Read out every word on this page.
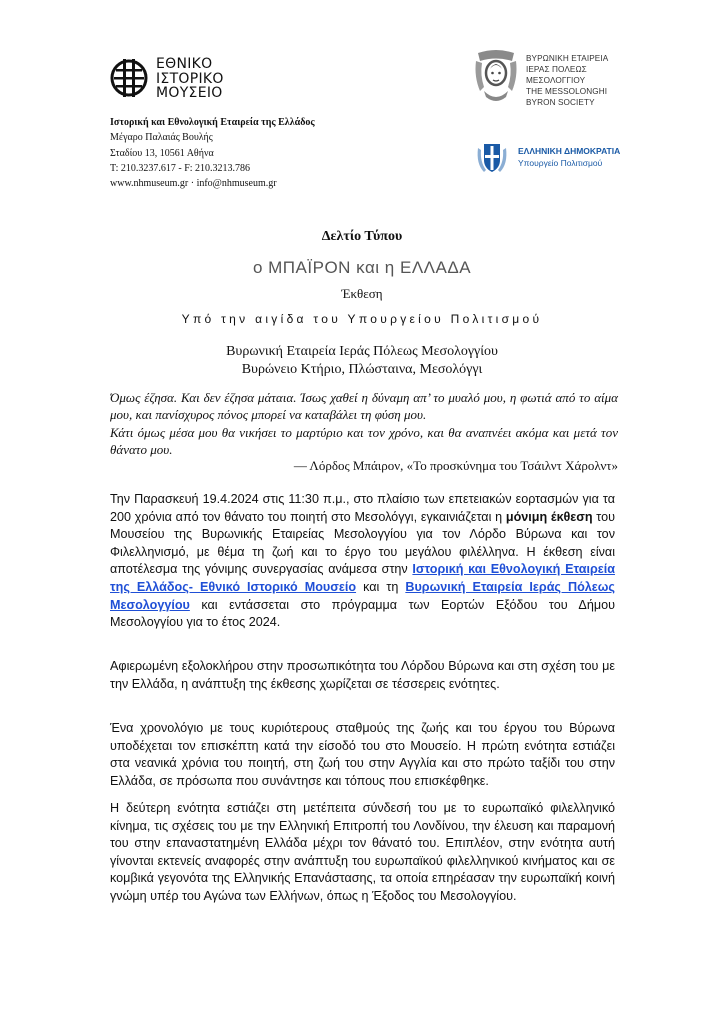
ΕΘΝΙΚΟ
ΙΣΤΟΡΙΚΟ
ΜΟΥΣΕΙΟ
ΒΥΡΩΝΙΚΗ ΕΤΑΙΡΕΙΑ
ΙΕΡΑΣ ΠΟΛΕΩΣ
ΜΕΣΟΛΟΓΓΙΟΥ
THE MESSOLONGHI
BYRON SOCIETY
ΕΛΛΗΝΙΚΗ ΔΗΜΟΚΡΑΤΙΑ
Υπουργείο Πολιτισμού
Ιστορική και Εθνολογική Εταιρεία της Ελλάδος
Μέγαρο Παλαιάς Βουλής
Σταδίου 13, 10561 Αθήνα
T: 210.3237.617 - F: 210.3213.786
www.nhmuseum.gr · info@nhmuseum.gr
Δελτίο Τύπου
ο ΜΠΑΪΡΟΝ και η ΕΛΛΑΔΑ
Έκθεση
Υπό την αιγίδα του Υπουργείου Πολιτισμού
Βυρωνική Εταιρεία Ιεράς Πόλεως Μεσολογγίου
Βυρώνειο Κτήριο, Πλώσταινα, Μεσολόγγι

Όμως έζησα. Και δεν έζησα μάταια. Ίσως χαθεί η δύναμη απ’ το μυαλό μου, η φωτιά από το αίμα μου, και πανίσχυρος πόνος μπορεί να καταβάλει τη φύση μου.

Κάτι όμως μέσα μου θα νικήσει το μαρτύριο και τον χρόνο, και θα αναπνέει ακόμα και μετά τον θάνατο μου.

— Λόρδος Μπάιρον, «Το προσκύνημα του Τσάιλντ Χάρολντ»

Την Παρασκευή 19.4.2024 στις 11:30 π.μ., στο πλαίσιο των επετειακών εορτασμών για τα 200 χρόνια από τον θάνατο του ποιητή στο Μεσολόγγι, εγκαινιάζεται η μόνιμη έκθεση του Μουσείου της Βυρωνικής Εταιρείας Μεσολογγίου για τον Λόρδο Βύρωνα και τον Φιλελληνισμό, με θέμα τη ζωή και το έργο του μεγάλου φιλέλληνα. Η έκθεση είναι αποτέλεσμα της γόνιμης συνεργασίας ανάμεσα στην Ιστορική και Εθνολογική Εταιρεία της Ελλάδος- Εθνικό Ιστορικό Μουσείο και τη Βυρωνική Εταιρεία Ιεράς Πόλεως Μεσολογγίου και εντάσσεται στο πρόγραμμα των Εορτών Εξόδου του Δήμου Μεσολογγίου για το έτος 2024.

Αφιερωμένη εξολοκλήρου στην προσωπικότητα του Λόρδου Βύρωνα και στη σχέση του με την Ελλάδα, η ανάπτυξη της έκθεσης χωρίζεται σε τέσσερεις ενότητες.

Ένα χρονολόγιο με τους κυριότερους σταθμούς της ζωής και του έργου του Βύρωνα υποδέχεται τον επισκέπτη κατά την είσοδό του στο Μουσείο. Η πρώτη ενότητα εστιάζει στα νεανικά χρόνια του ποιητή, στη ζωή του στην Αγγλία και στο πρώτο ταξίδι του στην Ελλάδα, σε πρόσωπα που συνάντησε και τόπους που επισκέφθηκε.

Η δεύτερη ενότητα εστιάζει στη μετέπειτα σύνδεσή του με το ευρωπαϊκό φιλελληνικό κίνημα, τις σχέσεις του με την Ελληνική Επιτροπή του Λονδίνου, την έλευση και παραμονή του στην επαναστατημένη Ελλάδα μέχρι τον θάνατό του. Επιπλέον, στην ενότητα αυτή γίνονται εκτενείς αναφορές στην ανάπτυξη του ευρωπαϊκού φιλελληνικού κινήματος και σε κομβικά γεγονότα της Ελληνικής Επανάστασης, τα οποία επηρέασαν την ευρωπαϊκή κοινή γνώμη υπέρ του Αγώνα των Ελλήνων, όπως η Έξοδος του Μεσολογγίου.
